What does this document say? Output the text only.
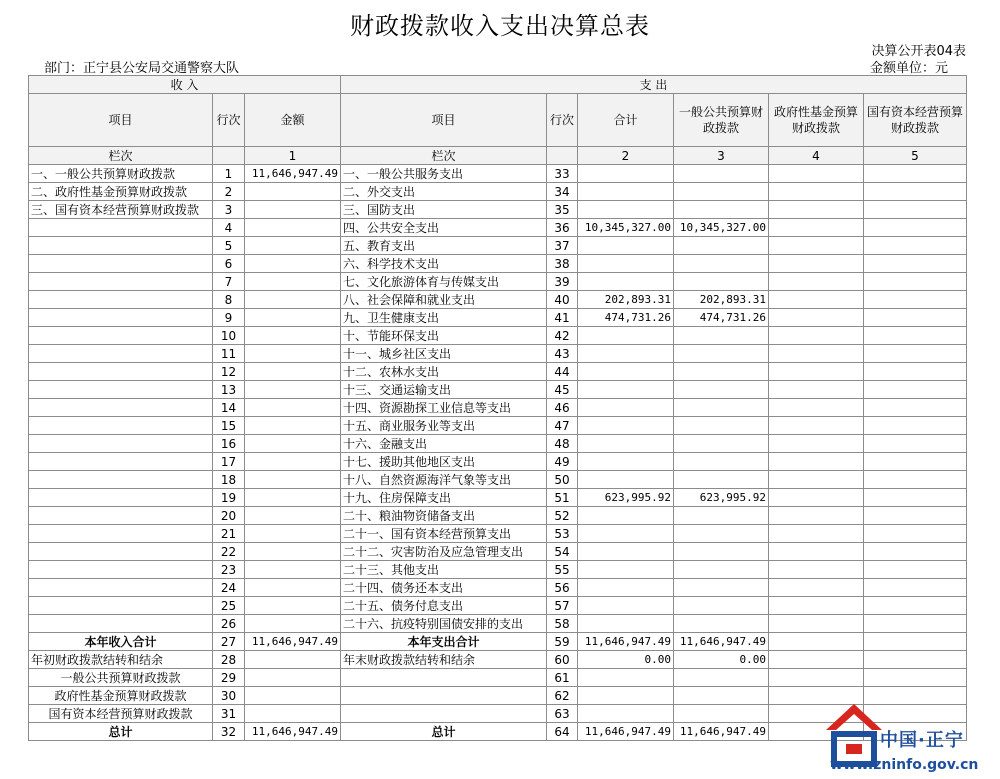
财政拨款收入支出决算总表
决算公开表04表
部门：正宁县公安局交通警察大队	金额单位：元
收 入			支 出					
项目	行次	金额	项目	行次	合计	一般公共预算财政拨款	政府性基金预算财政拨款	国有资本经营预算财政拨款
栏次		1	栏次		2	3	4	5
一、一般公共预算财政拨款	1	11,646,947.49	一、一般公共服务支出	33				
二、政府性基金预算财政拨款	2		二、外交支出	34				
三、国有资本经营预算财政拨款	3		三、国防支出	35				
	4		四、公共安全支出	36	10,345,327.00	10,345,327.00		
	5		五、教育支出	37				
	6		六、科学技术支出	38				
	7		七、文化旅游体育与传媒支出	39				
	8		八、社会保障和就业支出	40	202,893.31	202,893.31		
	9		九、卫生健康支出	41	474,731.26	474,731.26		
	10		十、节能环保支出	42				
	11		十一、城乡社区支出	43				
	12		十二、农林水支出	44				
	13		十三、交通运输支出	45				
	14		十四、资源勘探工业信息等支出	46				
	15		十五、商业服务业等支出	47				
	16		十六、金融支出	48				
	17		十七、援助其他地区支出	49				
	18		十八、自然资源海洋气象等支出	50				
	19		十九、住房保障支出	51	623,995.92	623,995.92		
	20		二十、粮油物资储备支出	52				
	21		二十一、国有资本经营预算支出	53				
	22		二十二、灾害防治及应急管理支出	54				
	23		二十三、其他支出	55				
	24		二十四、债务还本支出	56				
	25		二十五、债务付息支出	57				
	26		二十六、抗疫特别国债安排的支出	58				
本年收入合计	27	11,646,947.49	本年支出合计	59	11,646,947.49	11,646,947.49		
年初财政拨款结转和结余	28		年末财政拨款结转和结余	60	0.00	0.00		
一般公共预算财政拨款	29			61				
政府性基金预算财政拨款	30			62				
国有资本经营预算财政拨款	31			63				
总计	32	11,646,947.49	总计	64	11,646,947.49	11,646,947.49			中国·正宁
www.zninfo.gov.cn
